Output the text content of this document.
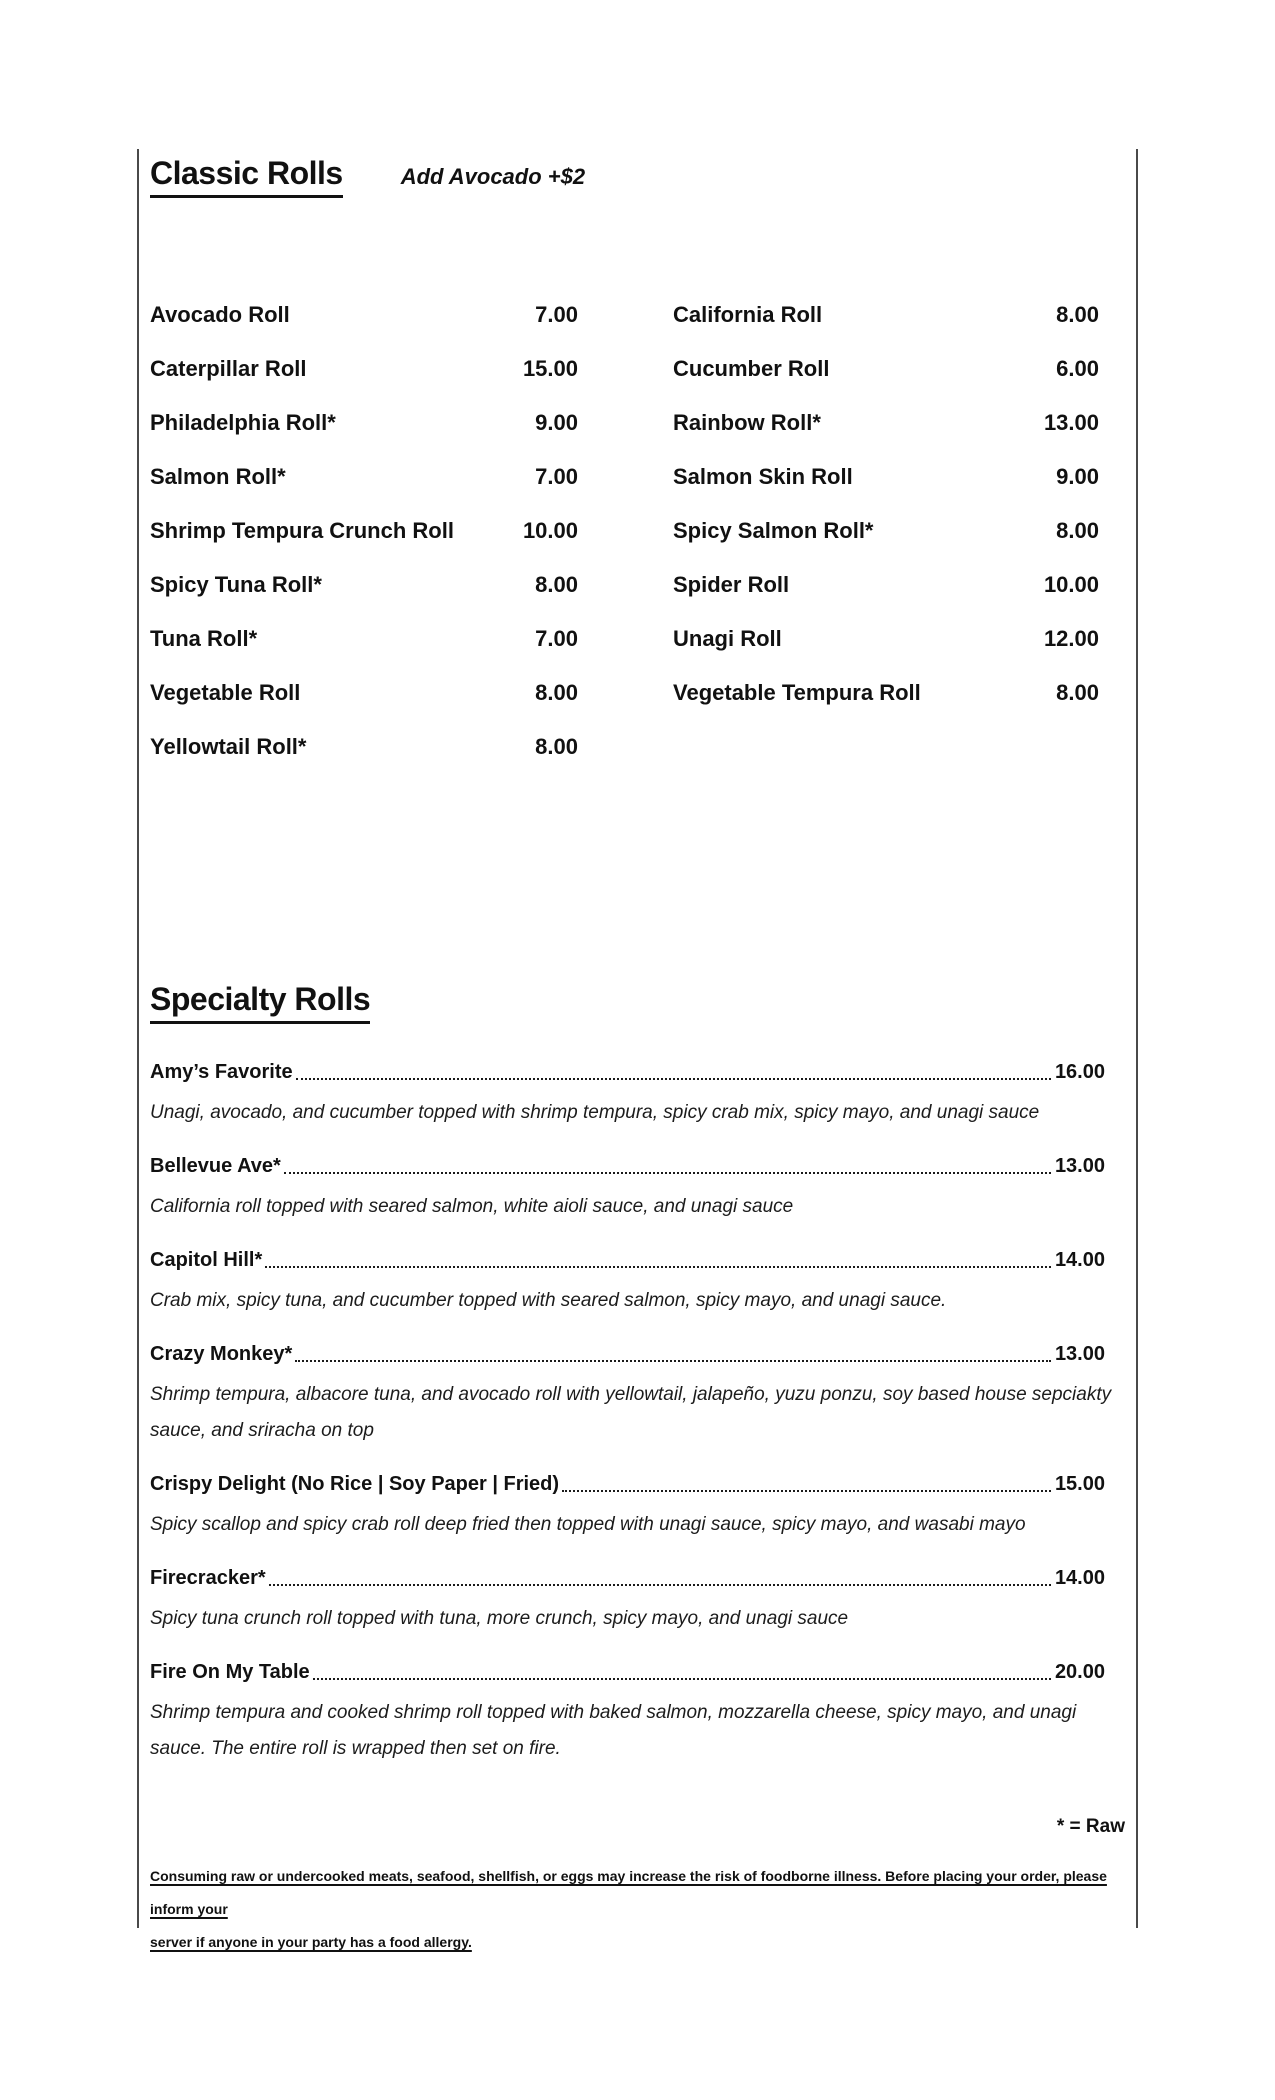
Classic Rolls	Add Avocado +$2
Avocado Roll	7.00
Caterpillar Roll	15.00
Philadelphia Roll*	9.00
Salmon Roll*	7.00
Shrimp Tempura Crunch Roll	10.00
Spicy Tuna Roll*	8.00
Tuna Roll*	7.00
Vegetable Roll	8.00
Yellowtail Roll*	8.00
California Roll	8.00
Cucumber Roll	6.00
Rainbow Roll*	13.00
Salmon Skin Roll	9.00
Spicy Salmon Roll*	8.00
Spider Roll	10.00
Unagi Roll	12.00
Vegetable Tempura Roll	8.00
Specialty Rolls
Amy’s Favorite	16.00
Unagi, avocado, and cucumber topped with shrimp tempura, spicy crab mix, spicy mayo, and unagi sauce
Bellevue Ave*	13.00
California roll topped with seared salmon, white aioli sauce, and unagi sauce
Capitol Hill*	14.00
Crab mix, spicy tuna, and cucumber topped with seared salmon, spicy mayo, and unagi sauce.
Crazy Monkey*	13.00
Shrimp tempura, albacore tuna, and avocado roll with yellowtail, jalapeño, yuzu ponzu, soy based house sepciakty sauce, and sriracha on top
Crispy Delight (No Rice | Soy Paper | Fried)	15.00
Spicy scallop and spicy crab roll deep fried then topped with unagi sauce, spicy mayo, and wasabi mayo
Firecracker*	14.00
Spicy tuna crunch roll topped with tuna, more crunch, spicy mayo, and unagi sauce
Fire On My Table	20.00
Shrimp tempura and cooked shrimp roll topped with baked salmon, mozzarella cheese, spicy mayo, and unagi sauce. The entire roll is wrapped then set on fire.
* = Raw
Consuming raw or undercooked meats, seafood, shellfish, or eggs may increase the risk of foodborne illness. Before placing your order, please inform your
server if anyone in your party has a food allergy.
